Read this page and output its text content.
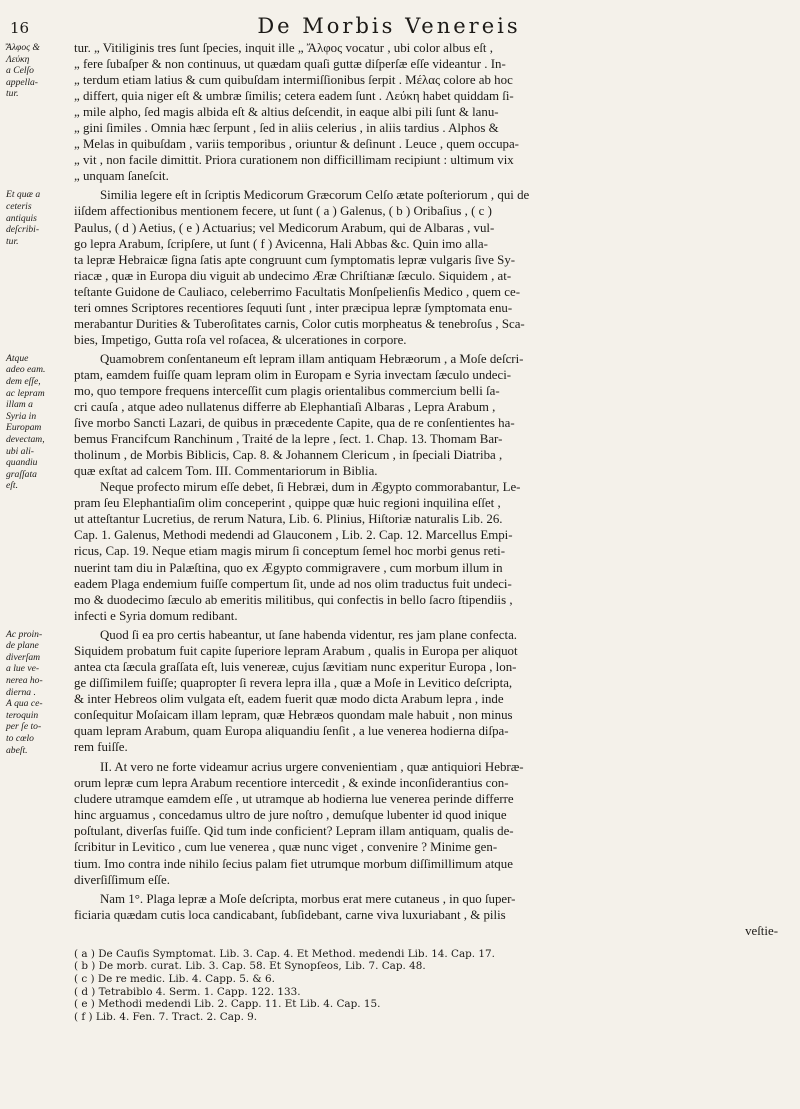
16	De Morbis Venereis
Ἄλφος &
Λεύκη
a Celſo
appella-
tur.
tur. „ Vitiliginis tres ſunt ſpecies, inquit ille „ Ἄλφος vocatur , ubi color albus eſt ,
„ fere ſubaſper & non continuus, ut quædam quaſi guttæ diſperſæ eſſe videantur . In-
„ terdum etiam latius & cum quibuſdam intermiſſionibus ſerpit . Μέλας colore ab hoc
„ differt, quia niger eſt & umbræ ſimilis; cetera eadem ſunt . Λεύκη habet quiddam ſi-
„ mile alpho, ſed magis albida eſt & altius deſcendit, in eaque albi pili ſunt & lanu-
„ gini ſimiles . Omnia hæc ſerpunt , ſed in aliis celerius , in aliis tardius . Alphos &
„ Melas in quibuſdam , variis temporibus , oriuntur & deſinunt . Leuce , quem occupa-
„ vit , non facile dimittit. Priora curationem non difficillimam recipiunt : ultimum vix
„ unquam ſaneſcit.
Et quæ a
ceteris
antiquis
deſcribi-
tur.
Similia legere eſt in ſcriptis Medicorum Græcorum Celſo ætate poſteriorum , qui de
iiſdem affectionibus mentionem fecere, ut ſunt ( a ) Galenus, ( b ) Oribaſius , ( c )
Paulus, ( d ) Aetius, ( e ) Actuarius; vel Medicorum Arabum, qui de Albaras , vul-
go lepra Arabum, ſcripſere, ut ſunt ( f ) Avicenna, Hali Abbas &c. Quin imo alla-
ta lepræ Hebraicæ ſigna ſatis apte congruunt cum ſymptomatis lepræ vulgaris ſive Sy-
riacæ , quæ in Europa diu viguit ab undecimo Æræ Chriſtianæ ſæculo. Siquidem , at-
teſtante Guidone de Cauliaco, celeberrimo Facultatis Monſpelienſis Medico , quem ce-
teri omnes Scriptores recentiores ſequuti ſunt , inter præcipua lepræ ſymptomata enu-
merabantur Durities & Tuberoſitates carnis, Color cutis morpheatus & tenebroſus , Sca-
bies, Impetigo, Gutta roſa vel roſacea, & ulcerationes in corpore.
Atque
adeo eam.
dem eſſe,
ac lepram
illam a
Syria in
Europam
devectam,
ubi ali-
quandiu
graſſata
eſt.
Quamobrem conſentaneum eſt lepram illam antiquam Hebræorum , a Moſe deſcri-
ptam, eamdem fuiſſe quam lepram olim in Europam e Syria invectam ſæculo undeci-
mo, quo tempore frequens interceſſit cum plagis orientalibus commercium belli ſa-
cri cauſa , atque adeo nullatenus differre ab Elephantiaſi Albaras , Lepra Arabum ,
ſive morbo Sancti Lazari, de quibus in præcedente Capite, qua de re conſentientes ha-
bemus Francifcum Ranchinum , Traité de la lepre , ſect. 1. Chap. 13. Thomam Bar-
tholinum , de Morbis Biblicis, Cap. 8. & Johannem Clericum , in ſpeciali Diatriba ,
quæ exſtat ad calcem Tom. III. Commentariorum in Biblia.
Neque profecto mirum eſſe debet, ſi Hebræi, dum in Ægypto commorabantur, Le-
pram ſeu Elephantiaſim olim conceperint , quippe quæ huic regioni inquilina eſſet ,
ut atteſtantur Lucretius, de rerum Natura, Lib. 6. Plinius, Hiſtoriæ naturalis Lib. 26.
Cap. 1. Galenus, Methodi medendi ad Glauconem , Lib. 2. Cap. 12. Marcellus Empi-
ricus, Cap. 19. Neque etiam magis mirum ſi conceptum ſemel hoc morbi genus reti-
nuerint tam diu in Palæſtina, quo ex Ægypto commigravere , cum morbum illum in
eadem Plaga endemium fuiſſe compertum ſit, unde ad nos olim traductus fuit undeci-
mo & duodecimo ſæculo ab emeritis militibus, qui confectis in bello ſacro ſtipendiis ,
infecti e Syria domum redibant.
Ac proin-
de plane
diverſam
a lue ve-
nerea ho-
dierna .
A qua ce-
teroquin
per ſe to-
to cœlo
abeſt.
Quod ſi ea pro certis habeantur, ut ſane habenda videntur, res jam plane confecta.
Siquidem probatum fuit capite ſuperiore lepram Arabum , qualis in Europa per aliquot
antea cta ſæcula graſſata eſt, luis venereæ, cujus ſævitiam nunc experitur Europa , lon-
ge diſſimilem fuiſſe; quapropter ſi revera lepra illa , quæ a Moſe in Levitico deſcripta,
& inter Hebreos olim vulgata eſt, eadem fuerit quæ modo dicta Arabum lepra , inde
conſequitur Moſaicam illam lepram, quæ Hebræos quondam male habuit , non minus
quam lepram Arabum, quam Europa aliquandiu ſenſit , a lue venerea hodierna diſpa-
rem fuiſſe.
II. At vero ne forte videamur acrius urgere convenientiam , quæ antiquiori Hebræ-
orum lepræ cum lepra Arabum recentiore intercedit , & exinde inconſiderantius con-
cludere utramque eamdem eſſe , ut utramque ab hodierna lue venerea perinde differre
hinc arguamus , concedamus ultro de jure noſtro , demuſque lubenter id quod inique
poſtulant, diverſas fuiſſe. Qid tum inde conficient? Lepram illam antiquam, qualis de-
ſcribitur in Levitico , cum lue venerea , quæ nunc viget , convenire ? Minime gen-
tium. Imo contra inde nihilo ſecius palam fiet utrumque morbum diſſimillimum atque
diverſiſſimum eſſe.
Nam 1°. Plaga lepræ a Moſe deſcripta, morbus erat mere cutaneus , in quo ſuper-
ficiaria quædam cutis loca candicabant, ſubſidebant, carne viva luxuriabant , & pilis
veſtie-
( a ) De Cauſis Symptomat. Lib. 3. Cap. 4. Et Method. medendi Lib. 14. Cap. 17.
( b ) De morb. curat. Lib. 3. Cap. 58. Et Synopſeos, Lib. 7. Cap. 48.
( c ) De re medic. Lib. 4. Capp. 5. & 6.
( d ) Tetrabiblo 4. Serm. 1. Capp. 122. 133.
( e ) Methodi medendi Lib. 2. Capp. 11. Et Lib. 4. Cap. 15.
( f ) Lib. 4. Fen. 7. Tract. 2. Cap. 9.
